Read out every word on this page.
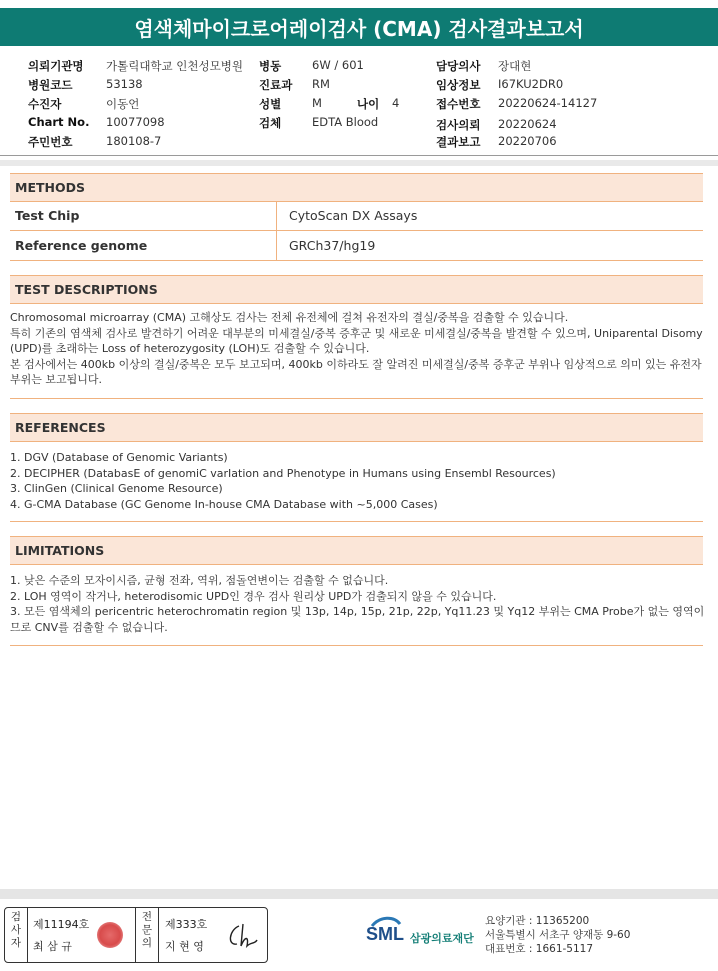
염색체마이크로어레이검사 (CMA) 검사결과보고서
의뢰기관명 가톨릭대학교 인천성모병원
병원코드	53138
수진자	이동언
Chart No. 10077098
주민번호	180108-7
병동	6W / 601
진료과 RM
성별	M	나이 4
검체	EDTA Blood
담당의사 장대현
임상정보 I67KU2DR0
접수번호 20220624-14127
검사의뢰 20220624
결과보고 20220706
METHODS
Test Chip	CytoScan DX Assays
Reference genome	GRCh37/hg19
TEST DESCRIPTIONS

Chromosomal microarray (CMA) 고해상도 검사는 전체 유전체에 걸쳐 유전자의 결실/중복을 검출할 수 있습니다.

특히 기존의 염색체 검사로 발견하기 어려운 대부분의 미세결실/중복 증후군 및 새로운 미세결실/중복을 발견할 수 있으며, Uniparental Disomy (UPD)를 초래하는 Loss of heterozygosity (LOH)도 검출할 수 있습니다.

본 검사에서는 400kb 이상의 결실/중복은 모두 보고되며, 400kb 이하라도 잘 알려진 미세결실/중복 증후군 부위나 임상적으로 의미 있는 유전자 부위는 보고됩니다.

REFERENCES

1. DGV (Database of Genomic Variants)

2. DECIPHER (DatabasE of genomiC varIation and Phenotype in Humans using Ensembl Resources)

3. ClinGen (Clinical Genome Resource)

4. G-CMA Database (GC Genome In-house CMA Database with ~5,000 Cases)

LIMITATIONS

1. 낮은 수준의 모자이시즘, 균형 전좌, 역위, 점돌연변이는 검출할 수 없습니다.

2. LOH 영역이 작거나, heterodisomic UPD인 경우 검사 원리상 UPD가 검출되지 않을 수 있습니다.

3. 모든 염색체의 pericentric heterochromatin region 및 13p, 14p, 15p, 21p, 22p, Yq11.23 및 Yq12 부위는 CMA Probe가 없는 영역이므로 CNV를 검출할 수 없습니다.

검사자
제11194호
최 삼 규
전문의
제333호
지 현 영
SML 삼광의료재단
요양기관 : 11365200
서울특별시 서초구 양재동 9-60
대표번호 : 1661-5117
